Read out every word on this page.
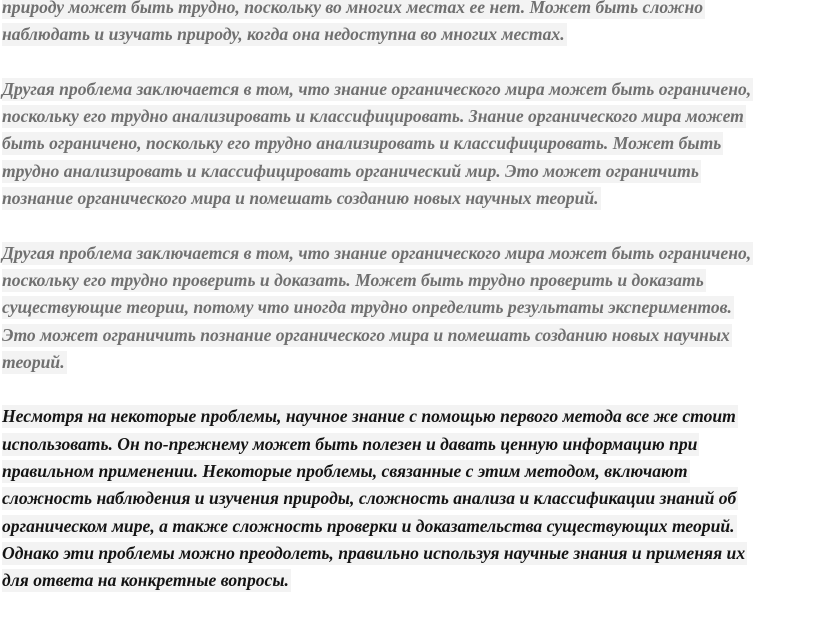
природу может быть трудно, поскольку во многих местах ее нет. Может быть сложно
наблюдать и изучать природу, когда она недоступна во многих местах.
Другая проблема заключается в том, что знание органического мира может быть ограничено,
поскольку его трудно анализировать и классифицировать. Знание органического мира может
быть ограничено, поскольку его трудно анализировать и классифицировать. Может быть
трудно анализировать и классифицировать органический мир. Это может ограничить
познание органического мира и помешать созданию новых научных теорий.
Другая проблема заключается в том, что знание органического мира может быть ограничено,
поскольку его трудно проверить и доказать. Может быть трудно проверить и доказать
существующие теории, потому что иногда трудно определить результаты экспериментов.
Это может ограничить познание органического мира и помешать созданию новых научных
теорий.
Несмотря на некоторые проблемы, научное знание с помощью первого метода все же стоит
использовать. Он по-прежнему может быть полезен и давать ценную информацию при
правильном применении. Некоторые проблемы, связанные с этим методом, включают
сложность наблюдения и изучения природы, сложность анализа и классификации знаний об
органическом мире, а также сложность проверки и доказательства существующих теорий.
Однако эти проблемы можно преодолеть, правильно используя научные знания и применяя их
для ответа на конкретные вопросы.
